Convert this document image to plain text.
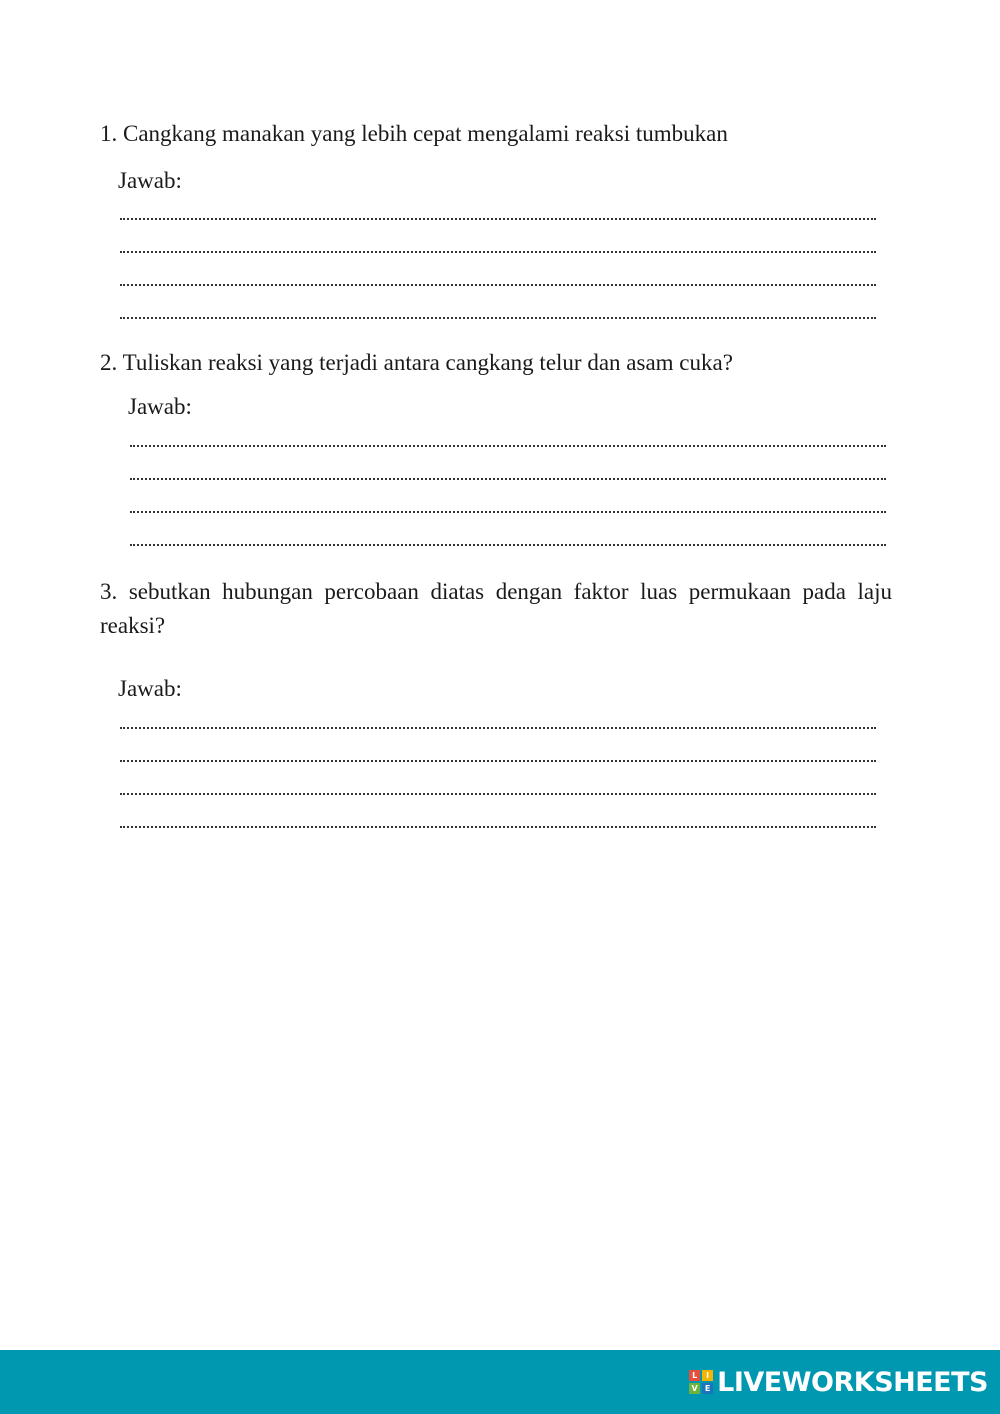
1. Cangkang manakan yang lebih cepat mengalami reaksi tumbukan
Jawab:
2. Tuliskan reaksi yang terjadi antara cangkang telur dan asam cuka?
Jawab:
3. sebutkan hubungan percobaan diatas dengan faktor luas permukaan pada laju reaksi?
Jawab:
L	I
V E LIVEWORKSHEETS
